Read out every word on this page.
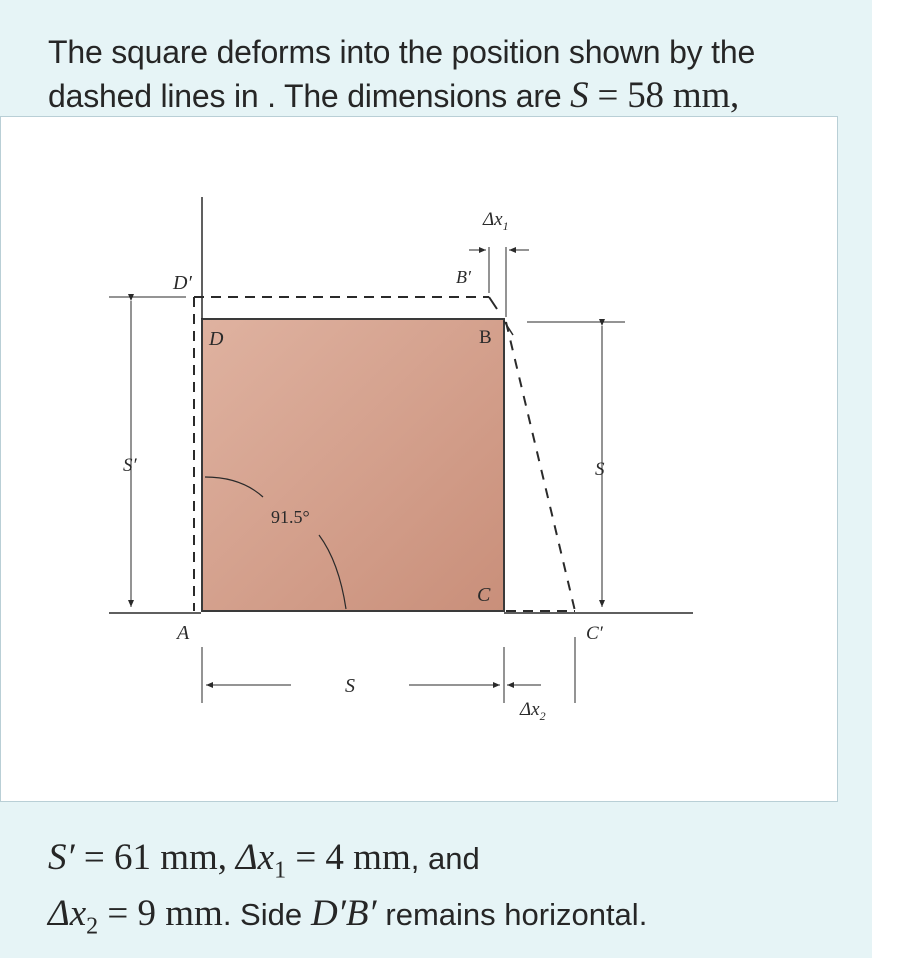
The square deforms into the position shown by the dashed lines in . The dimensions are S = 58 mm,
D′
D
B′
B
C
C′
A
S′	S
S
91.5°
$\Delta x_1$
$\Delta x_2$
S′ = 61 mm, $\Delta x_1 = 4$ mm, and
$\Delta x_2 = 9$ mm. Side D′B′ remains horizontal.
